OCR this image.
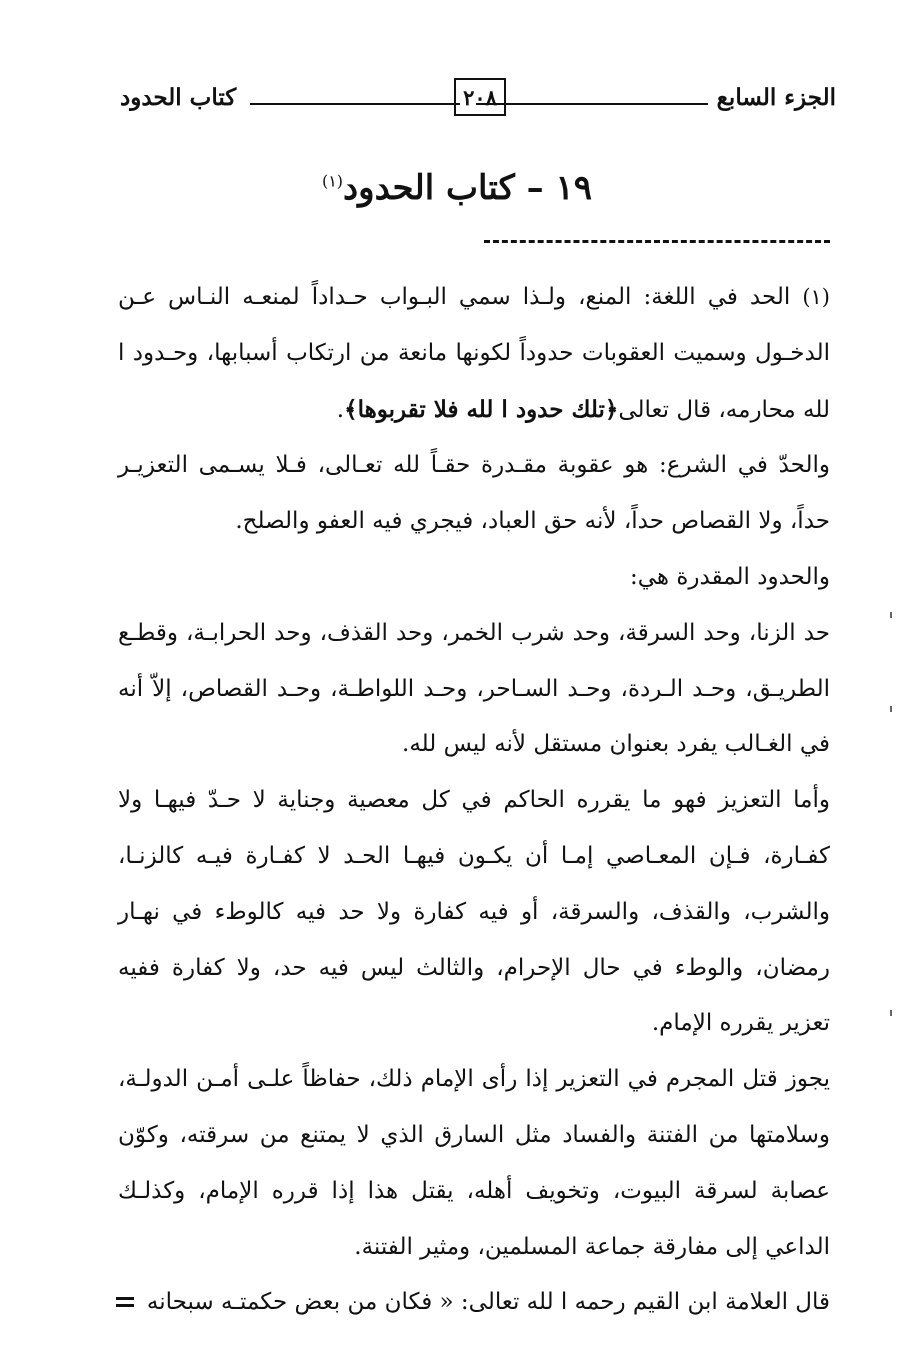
الجزء السابع
٢٠٨
كتاب الحدود
١٩ – كتاب الحدود$^{(١)}$

(١) الحد في اللغة: المنع، ولـذا سمي البـواب حـداداً لمنعـه النـاس عـن الدخـول وسميت العقوبات حدوداً لكونها مانعة من ارتكاب أسبابها، وحـدود ا لله محارمه، قال تعالى﴿تلك حدود ا لله فلا تقربوها﴾.

والحدّ في الشرع: هو عقوبة مقـدرة حقـاً لله تعـالى، فـلا يسـمى التعزيـر حداً، ولا القصاص حداً، لأنه حق العباد، فيجري فيه العفو والصلح.

والحدود المقدرة هي:

حد الزنا، وحد السرقة، وحد شرب الخمر، وحد القذف، وحد الحرابـة، وقطـع الطريـق، وحـد الـردة، وحـد السـاحر، وحـد اللواطـة، وحـد القصاص، إلاّ أنه في الغـالب يفرد بعنوان مستقل لأنه ليس لله.

وأما التعزيز فهو ما يقرره الحاكم في كل معصية وجناية لا حـدّ فيهـا ولا كفـارة، فـإن المعـاصي إمـا أن يكـون فيهـا الحـد لا كفـارة فيـه كالزنـا، والشرب، والقذف، والسرقة، أو فيه كفارة ولا حد فيه كالوطء في نهـار رمضان، والوطء في حال الإحرام، والثالث ليس فيه حد، ولا كفارة ففيه تعزير يقرره الإمام.

يجوز قتل المجرم في التعزير إذا رأى الإمام ذلك، حفاظاً علـى أمـن الدولـة، وسلامتها من الفتنة والفساد مثل السارق الذي لا يمتنع من سرقته، وكوّن عصابة لسرقة البيوت، وتخويف أهله، يقتل هذا إذا قرره الإمام، وكذلـك الداعي إلى مفارقة جماعة المسلمين، ومثير الفتنة.

قال العلامة ابن القيم رحمه ا لله تعالى: « فكان من بعض حكمتـه سبحانه
